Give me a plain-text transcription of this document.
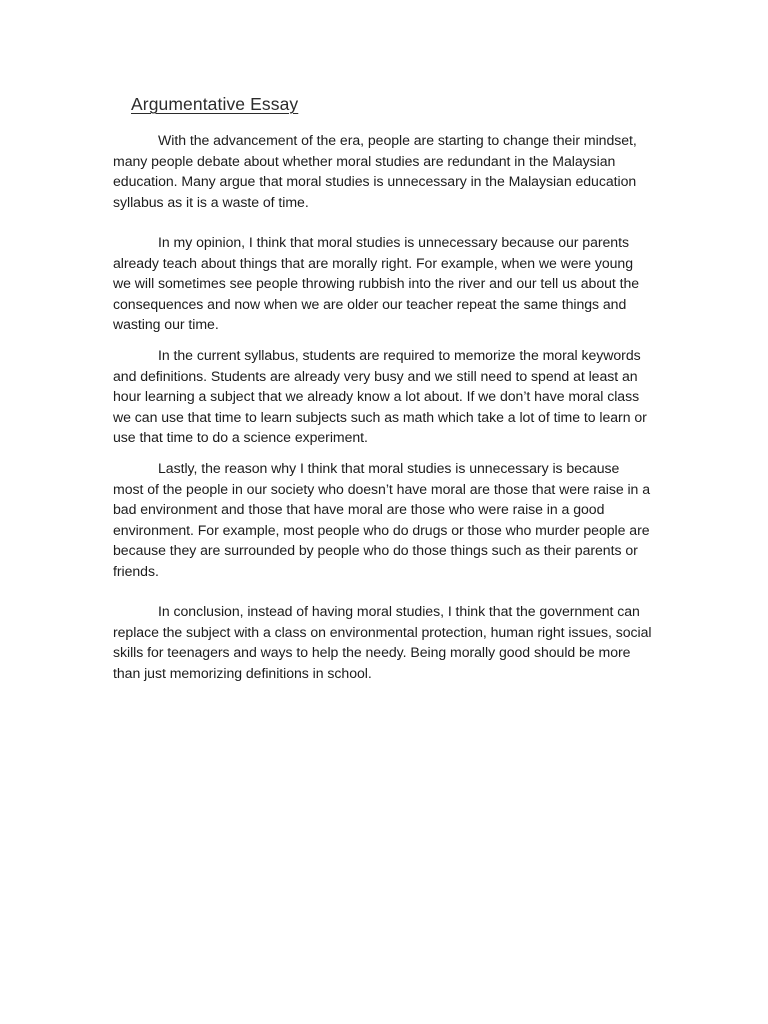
Argumentative Essay

With the advancement of the era, people are starting to change their mindset, many people debate about whether moral studies are redundant in the Malaysian education. Many argue that moral studies is unnecessary in the Malaysian education syllabus as it is a waste of time.

In my opinion, I think that moral studies is unnecessary because our parents already teach about things that are morally right. For example, when we were young we will sometimes see people throwing rubbish into the river and our tell us about the consequences and now when we are older our teacher repeat the same things and wasting our time.

In the current syllabus, students are required to memorize the moral keywords and definitions. Students are already very busy and we still need to spend at least an hour learning a subject that we already know a lot about. If we don’t have moral class we can use that time to learn subjects such as math which take a lot of time to learn or use that time to do a science experiment.

Lastly, the reason why I think that moral studies is unnecessary is because most of the people in our society who doesn’t have moral are those that were raise in a bad environment and those that have moral are those who were raise in a good environment. For example, most people who do drugs or those who murder people are because they are surrounded by people who do those things such as their parents or friends.

In conclusion, instead of having moral studies, I think that the government can replace the subject with a class on environmental protection, human right issues, social skills for teenagers and ways to help the needy. Being morally good should be more than just memorizing definitions in school.
